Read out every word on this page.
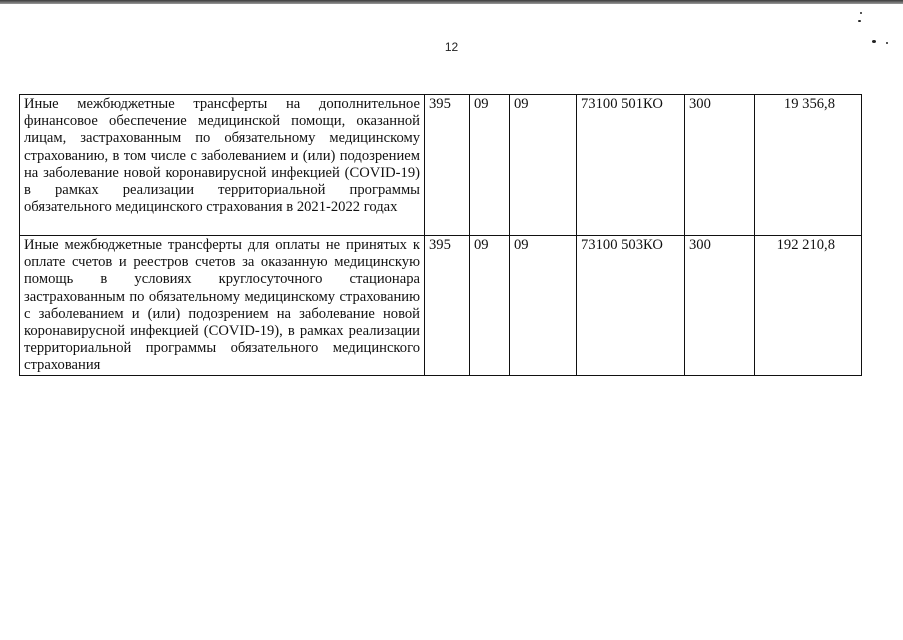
12
Иные межбюджетные трансферты на дополнительное финансовое обеспечение медицинской помощи, оказанной лицам, застрахованным по обязательному медицинскому страхованию, в том числе с заболеванием и (или) подозрением на заболевание новой коронавирусной инфекцией (COVID-19) в рамках реализации территориальной программы обязательного медицинского страхования в 2021-2022 годах	395	09	09	73100 501КО	300	19 356,8
Иные межбюджетные трансферты для оплаты не принятых к оплате счетов и реестров счетов за оказанную медицинскую помощь в условиях круглосуточного стационара застрахованным по обязательному медицинскому страхованию с заболеванием и (или) подозрением на заболевание новой коронавирусной инфекцией (COVID-19), в рамках реализации территориальной программы обязательного медицинского страхования	395	09	09	73100 503КО	300	192 210,8
